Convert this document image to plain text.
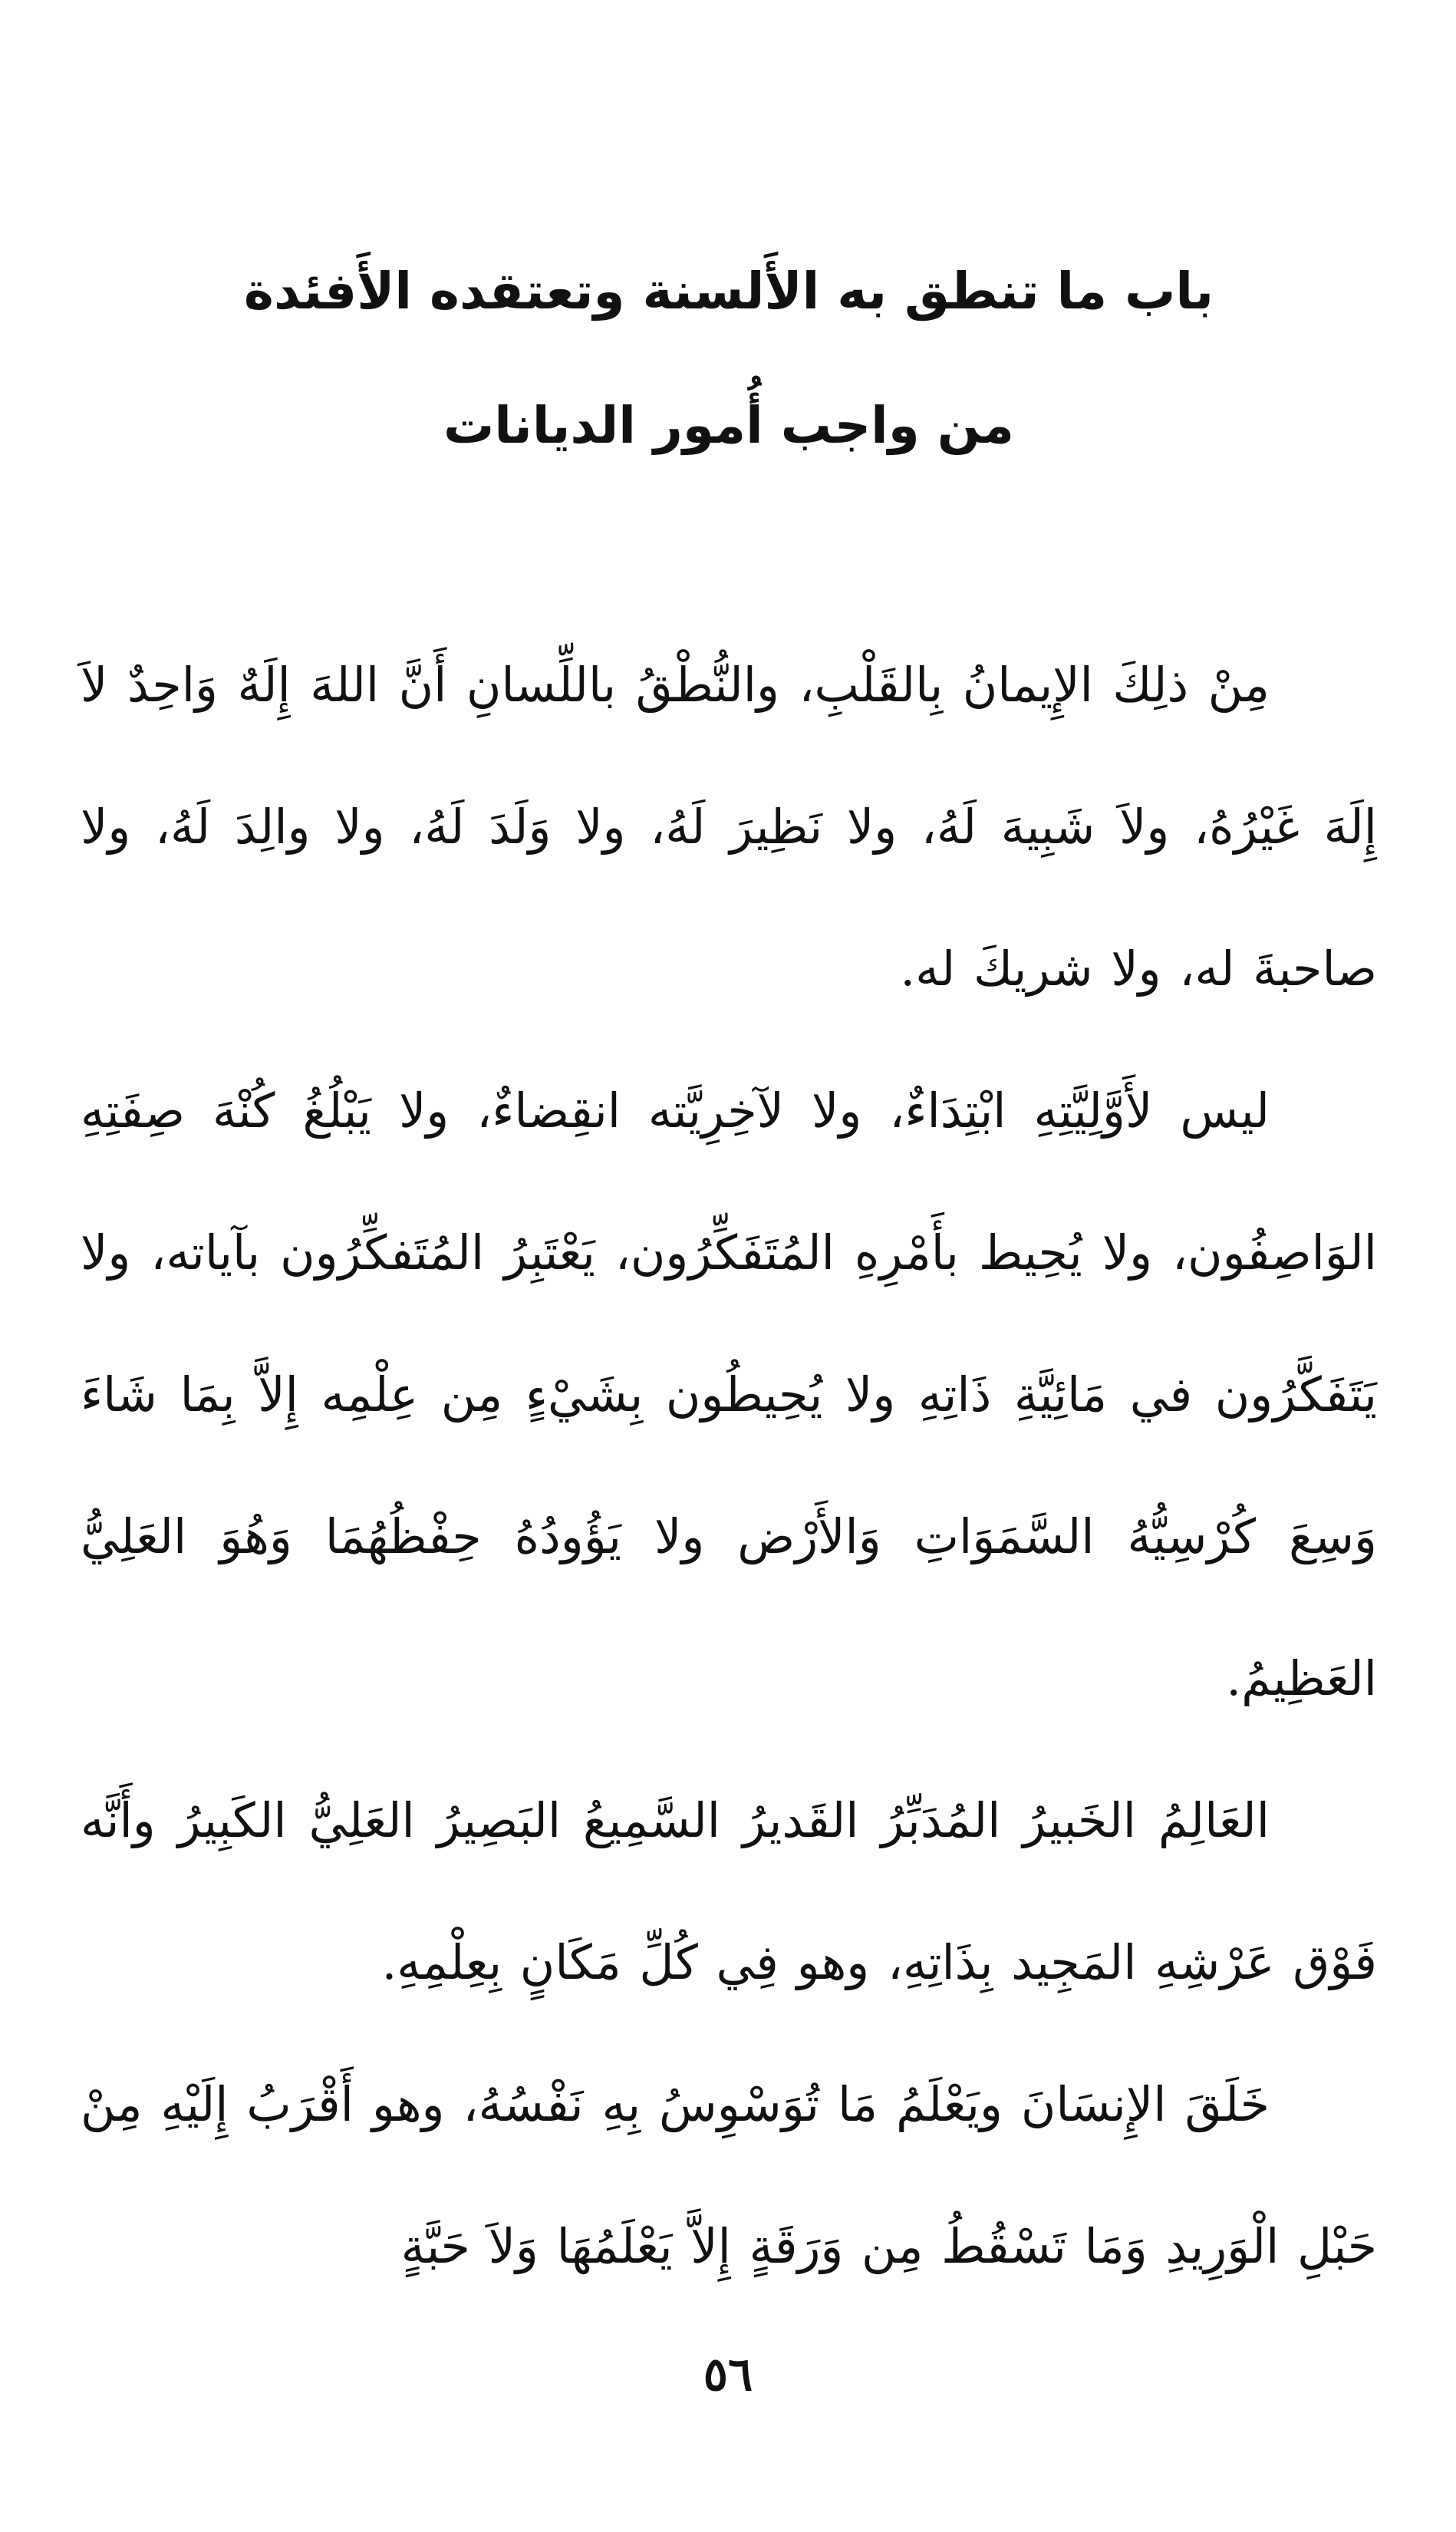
باب ما تنطق به الأَلسنة وتعتقده الأَفئدة
من واجب أُمور الديانات

مِنْ ذلِكَ الإِيمانُ بِالقَلْبِ، والنُّطْقُ باللِّسانِ أَنَّ اللهَ إِلَهٌ وَاحِدٌ لاَ إِلَهَ غَيْرُهُ، ولاَ شَبِيهَ لَهُ، ولا نَظِيرَ لَهُ، ولا وَلَدَ لَهُ، ولا والِدَ لَهُ، ولا صاحبةَ له، ولا شريكَ له.

ليس لأَوَّلِيَّتِهِ ابْتِدَاءٌ، ولا لآخِرِيَّته انقِضاءٌ، ولا يَبْلُغُ كُنْهَ صِفَتِهِ الوَاصِفُون، ولا يُحِيط بأَمْرِهِ المُتَفَكِّرُون، يَعْتَبِرُ المُتَفكِّرُون بآياته، ولا يَتَفَكَّرُون في مَائِيَّةِ ذَاتِهِ ولا يُحِيطُون بِشَيْءٍ مِن عِلْمِه إِلاَّ بِمَا شَاءَ وَسِعَ كُرْسِيُّهُ السَّمَوَاتِ وَالأَرْض ولا يَؤُودُهُ حِفْظُهُمَا وَهُوَ العَلِيُّ العَظِيمُ.

العَالِمُ الخَبيرُ المُدَبِّرُ القَديرُ السَّمِيعُ البَصِيرُ العَلِيُّ الكَبِيرُ وأَنَّه فَوْق عَرْشِهِ المَجِيد بِذَاتِهِ، وهو فِي كُلِّ مَكَانٍ بِعِلْمِهِ.

خَلَقَ الإِنسَانَ ويَعْلَمُ مَا تُوَسْوِسُ بِهِ نَفْسُهُ، وهو أَقْرَبُ إِلَيْهِ مِنْ حَبْلِ الْوَرِيدِ وَمَا تَسْقُطُ مِن وَرَقَةٍ إِلاَّ يَعْلَمُهَا وَلاَ حَبَّةٍ

٥٦
